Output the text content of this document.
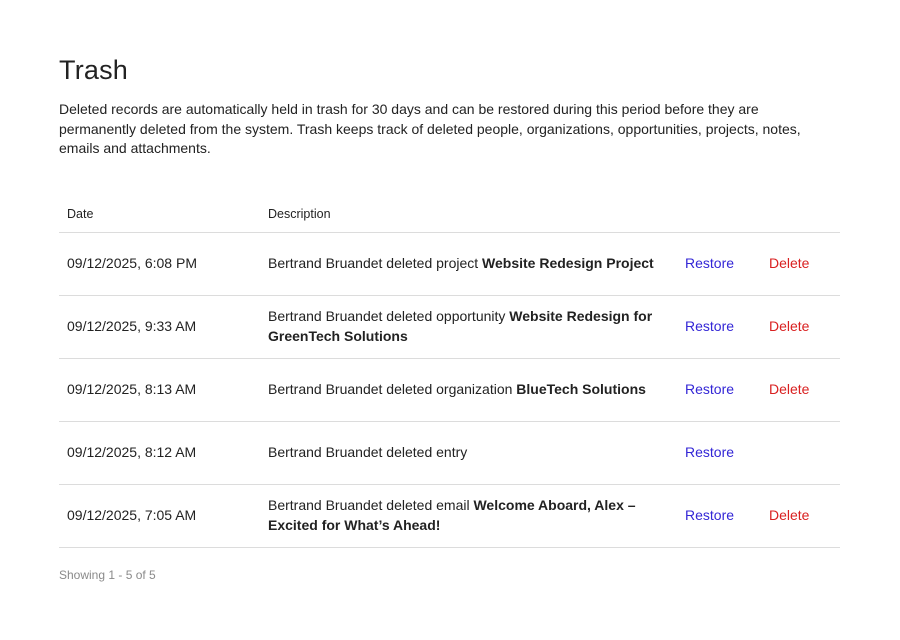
Trash

Deleted records are automatically held in trash for 30 days and can be restored during this period before they are permanently deleted from the system. Trash keeps track of deleted people, organizations, opportunities, projects, notes, emails and attachments.

Date	Description		
09/12/2025, 6:08 PM	Bertrand Bruandet deleted project Website Redesign Project	Restore	Delete
09/12/2025, 9:33 AM	Bertrand Bruandet deleted opportunity Website Redesign for GreenTech Solutions	Restore	Delete
09/12/2025, 8:13 AM	Bertrand Bruandet deleted organization BlueTech Solutions	Restore	Delete
09/12/2025, 8:12 AM	Bertrand Bruandet deleted entry	Restore	
09/12/2025, 7:05 AM	Bertrand Bruandet deleted email Welcome Aboard, Alex – Excited for What’s Ahead!	Restore	Delete
Showing 1 - 5 of 5
